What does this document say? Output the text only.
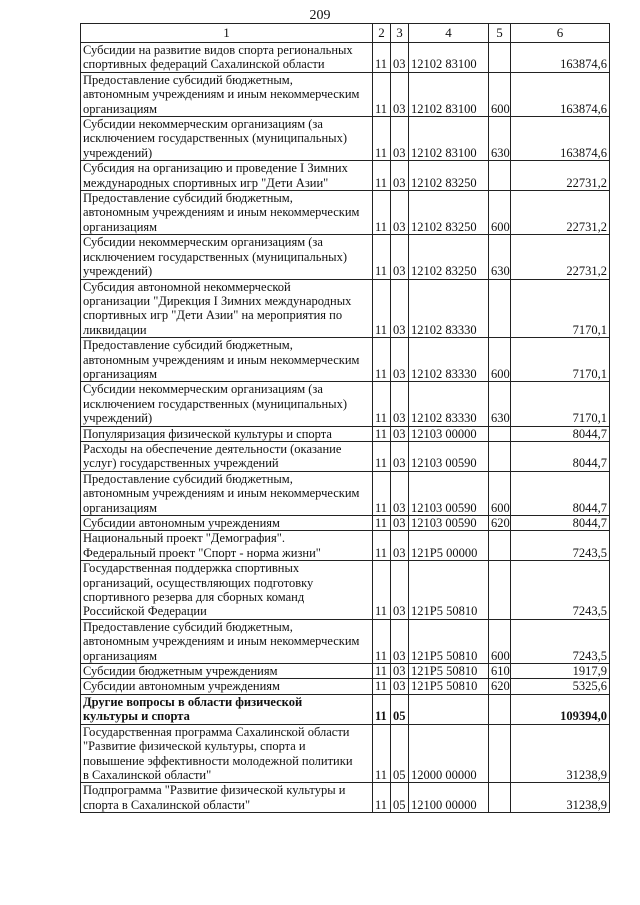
209
1	2	3	4	5	6
Субсидии на развитие видов спорта региональных
спортивных федераций Сахалинской области	11	03	12102 83100		163874,6
Предоставление субсидий бюджетным,
автономным учреждениям и иным некоммерческим
организациям	11	03	12102 83100	600	163874,6
Субсидии некоммерческим организациям (за
исключением государственных (муниципальных)
учреждений)	11	03	12102 83100	630	163874,6
Субсидия на организацию и проведение I Зимних
международных спортивных игр "Дети Азии"	11	03	12102 83250		22731,2
Предоставление субсидий бюджетным,
автономным учреждениям и иным некоммерческим
организациям	11	03	12102 83250	600	22731,2
Субсидии некоммерческим организациям (за
исключением государственных (муниципальных)
учреждений)	11	03	12102 83250	630	22731,2
Субсидия автономной некоммерческой
организации "Дирекция I Зимних международных
спортивных игр "Дети Азии" на мероприятия по
ликвидации	11	03	12102 83330		7170,1
Предоставление субсидий бюджетным,
автономным учреждениям и иным некоммерческим
организациям	11	03	12102 83330	600	7170,1
Субсидии некоммерческим организациям (за
исключением государственных (муниципальных)
учреждений)	11	03	12102 83330	630	7170,1
Популяризация физической культуры и спорта	11	03	12103 00000		8044,7
Расходы на обеспечение деятельности (оказание
услуг) государственных учреждений	11	03	12103 00590		8044,7
Предоставление субсидий бюджетным,
автономным учреждениям и иным некоммерческим
организациям	11	03	12103 00590	600	8044,7
Субсидии автономным учреждениям	11	03	12103 00590	620	8044,7
Национальный проект "Демография".
Федеральный проект "Спорт - норма жизни"	11	03	121P5 00000		7243,5
Государственная поддержка спортивных
организаций, осуществляющих подготовку
спортивного резерва для сборных команд
Российской Федерации	11	03	121P5 50810		7243,5
Предоставление субсидий бюджетным,
автономным учреждениям и иным некоммерческим
организациям	11	03	121P5 50810	600	7243,5
Субсидии бюджетным учреждениям	11	03	121P5 50810	610	1917,9
Субсидии автономным учреждениям	11	03	121P5 50810	620	5325,6
Другие вопросы в области физической
культуры и спорта	11	05			109394,0
Государственная программа Сахалинской области
"Развитие физической культуры, спорта и
повышение эффективности молодежной политики
в Сахалинской области"	11	05	12000 00000		31238,9
Подпрограмма "Развитие физической культуры и
спорта в Сахалинской области"	11	05	12100 00000		31238,9
